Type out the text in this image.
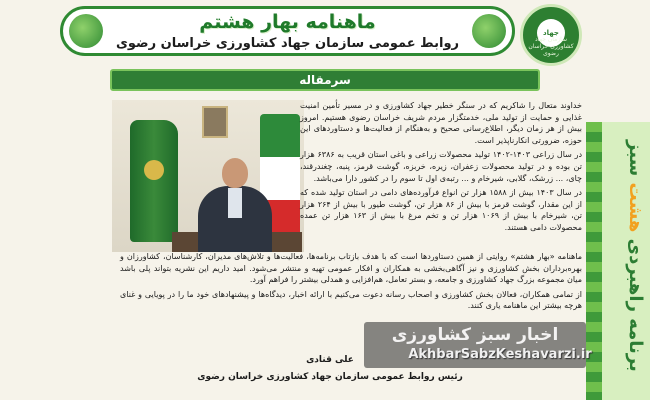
ماهنامه بهار هشتم
روابط عمومی سازمان جهاد کشاورزی خراسان رضوی
جهاد
سازمان جهاد کشاورزی خراسان رضوی
سرمقاله
برنامه راهبردی هشت سبز

خداوند متعال را شاکریم که در سنگر خطیر جهاد کشاورزی و در مسیر تأمین امنیت غذایی و حمایت از تولید ملی، خدمتگزار مردم شریف خراسان رضوی هستیم. امروز بیش از هر زمان دیگر، اطلاع‌رسانی صحیح و به‌هنگام از فعالیت‌ها و دستاوردهای این حوزه، ضرورتی انکارناپذیر است.

در سال زراعی ۱۴۰۳-۱۴۰۲ تولید محصولات زراعی و باغی استان قریب به ۶۳۸۶ هزار تن بوده و در تولید محصولات زعفران، زیره، خربزه، گوشت قرمز، پنبه، چغندرقند، چای، ... زرشک، گلابی، شیرخام و ... رتبه‌ی اول تا سوم را در کشور دارا می‌باشد.

در سال ۱۴۰۳ بیش از ۱۵۸۸ هزار تن انواع فرآورده‌های دامی در استان تولید شده که از این مقدار، گوشت قرمز با بیش از ۸۶ هزار تن، گوشت طیور با بیش از ۲۶۴ هزار تن، شیرخام با بیش از ۱۰۶۹ هزار تن و تخم مرغ با بیش از ۱۶۳ هزار تن عمده محصولات دامی هستند.

ماهنامه «بهار هشتم» روایتی از همین دستاوردها است که با هدف بازتاب برنامه‌ها، فعالیت‌ها و تلاش‌های مدیران، کارشناسان، کشاورزان و بهره‌برداران بخش کشاورزی و نیز آگاهی‌بخشی به همکاران و افکار عمومی تهیه و منتشر می‌شود. امید داریم این نشریه بتواند پلی باشد میان مجموعه بزرگ جهاد کشاورزی و جامعه، و بستر تعامل، هم‌افزایی و همدلی بیشتر را فراهم آورد.

از تمامی همکاران، فعالان بخش کشاورزی و اصحاب رسانه دعوت می‌کنیم با ارائه اخبار، دیدگاه‌ها و پیشنهادهای خود ما را در پویایی و غنای هرچه بیشتر این ماهنامه یاری کنند.

علی قنادی
رئیس روابط عمومی سازمان جهاد کشاورزی خراسان رضوی
اخبار سبز کشاورزی
AkhbarSabzKeshavarzi.ir
